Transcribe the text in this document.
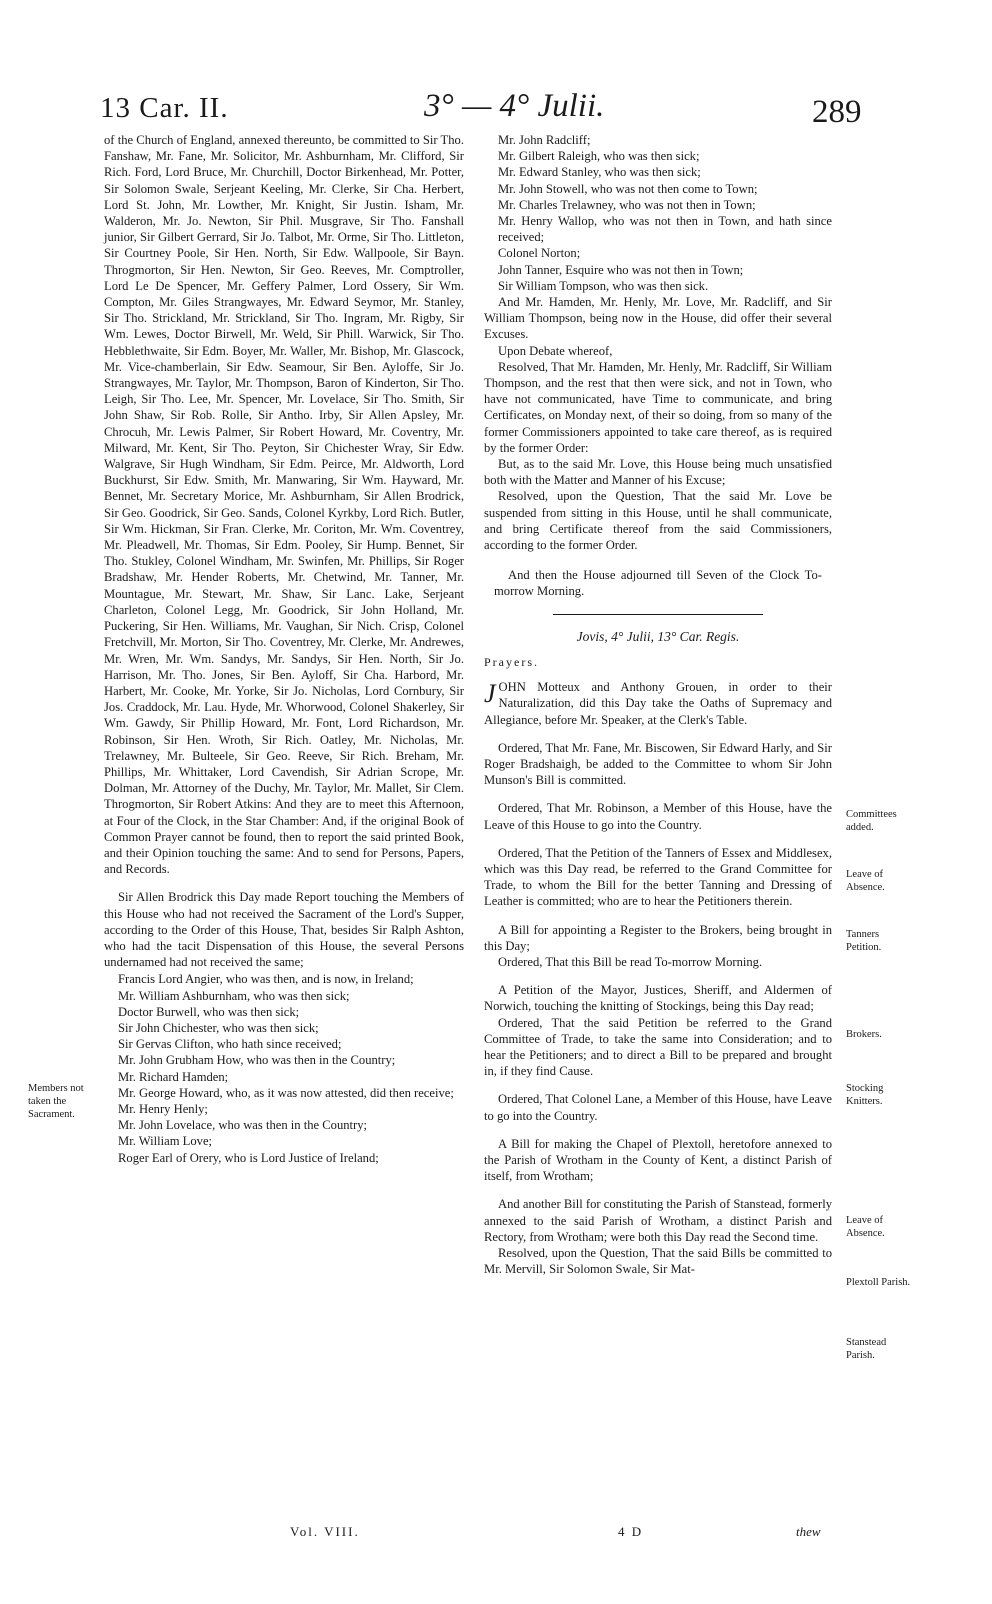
13 Car. II.	3° — 4° Julii.	289

of the Church of England, annexed thereunto, be committed to Sir Tho. Fanshaw, Mr. Fane, Mr. Solicitor, Mr. Ashburnham, Mr. Clifford, Sir Rich. Ford, Lord Bruce, Mr. Churchill, Doctor Birkenhead, Mr. Potter, Sir Solomon Swale, Serjeant Keeling, Mr. Clerke, Sir Cha. Herbert, Lord St. John, Mr. Lowther, Mr. Knight, Sir Justin. Isham, Mr. Walderon, Mr. Jo. Newton, Sir Phil. Musgrave, Sir Tho. Fanshall junior, Sir Gilbert Gerrard, Sir Jo. Talbot, Mr. Orme, Sir Tho. Littleton, Sir Courtney Poole, Sir Hen. North, Sir Edw. Wallpoole, Sir Bayn. Throgmorton, Sir Hen. Newton, Sir Geo. Reeves, Mr. Comptroller, Lord Le De Spencer, Mr. Geffery Palmer, Lord Ossery, Sir Wm. Compton, Mr. Giles Strangwayes, Mr. Edward Seymor, Mr. Stanley, Sir Tho. Strickland, Mr. Strickland, Sir Tho. Ingram, Mr. Rigby, Sir Wm. Lewes, Doctor Birwell, Mr. Weld, Sir Phill. Warwick, Sir Tho. Hebblethwaite, Sir Edm. Boyer, Mr. Waller, Mr. Bishop, Mr. Glascock, Mr. Vice-chamberlain, Sir Edw. Seamour, Sir Ben. Ayloffe, Sir Jo. Strangwayes, Mr. Taylor, Mr. Thompson, Baron of Kinderton, Sir Tho. Leigh, Sir Tho. Lee, Mr. Spencer, Mr. Lovelace, Sir Tho. Smith, Sir John Shaw, Sir Rob. Rolle, Sir Antho. Irby, Sir Allen Apsley, Mr. Chrocuh, Mr. Lewis Palmer, Sir Robert Howard, Mr. Coventry, Mr. Milward, Mr. Kent, Sir Tho. Peyton, Sir Chichester Wray, Sir Edw. Walgrave, Sir Hugh Windham, Sir Edm. Peirce, Mr. Aldworth, Lord Buckhurst, Sir Edw. Smith, Mr. Manwaring, Sir Wm. Hayward, Mr. Bennet, Mr. Secretary Morice, Mr. Ashburnham, Sir Allen Brodrick, Sir Geo. Goodrick, Sir Geo. Sands, Colonel Kyrkby, Lord Rich. Butler, Sir Wm. Hickman, Sir Fran. Clerke, Mr. Coriton, Mr. Wm. Coventrey, Mr. Pleadwell, Mr. Thomas, Sir Edm. Pooley, Sir Hump. Bennet, Sir Tho. Stukley, Colonel Windham, Mr. Swinfen, Mr. Phillips, Sir Roger Bradshaw, Mr. Hender Roberts, Mr. Chetwind, Mr. Tanner, Mr. Mountague, Mr. Stewart, Mr. Shaw, Sir Lanc. Lake, Serjeant Charleton, Colonel Legg, Mr. Goodrick, Sir John Holland, Mr. Puckering, Sir Hen. Williams, Mr. Vaughan, Sir Nich. Crisp, Colonel Fretchvill, Mr. Morton, Sir Tho. Coventrey, Mr. Clerke, Mr. Andrewes, Mr. Wren, Mr. Wm. Sandys, Mr. Sandys, Sir Hen. North, Sir Jo. Harrison, Mr. Tho. Jones, Sir Ben. Ayloff, Sir Cha. Harbord, Mr. Harbert, Mr. Cooke, Mr. Yorke, Sir Jo. Nicholas, Lord Cornbury, Sir Jos. Craddock, Mr. Lau. Hyde, Mr. Whorwood, Colonel Shakerley, Sir Wm. Gawdy, Sir Phillip Howard, Mr. Font, Lord Richardson, Mr. Robinson, Sir Hen. Wroth, Sir Rich. Oatley, Mr. Nicholas, Mr. Trelawney, Mr. Bulteele, Sir Geo. Reeve, Sir Rich. Breham, Mr. Phillips, Mr. Whittaker, Lord Cavendish, Sir Adrian Scrope, Mr. Dolman, Mr. Attorney of the Duchy, Mr. Taylor, Mr. Mallet, Sir Clem. Throgmorton, Sir Robert Atkins: And they are to meet this Afternoon, at Four of the Clock, in the Star Chamber: And, if the original Book of Common Prayer cannot be found, then to report the said printed Book, and their Opinion touching the same: And to send for Persons, Papers, and Records.

Sir Allen Brodrick this Day made Report touching the Members of this House who had not received the Sacrament of the Lord's Supper, according to the Order of this House, That, besides Sir Ralph Ashton, who had the tacit Dispensation of this House, the several Persons undernamed had not received the same;

Francis Lord Angier, who was then, and is now, in Ireland;

Mr. William Ashburnham, who was then sick;

Doctor Burwell, who was then sick;

Sir John Chichester, who was then sick;

Sir Gervas Clifton, who hath since received;

Mr. John Grubham How, who was then in the Country;

Mr. Richard Hamden;

Mr. George Howard, who, as it was now attested, did then receive;

Mr. Henry Henly;

Mr. John Lovelace, who was then in the Country;

Mr. William Love;

Roger Earl of Orery, who is Lord Justice of Ireland;

Members not taken the Sacrament.

Mr. John Radcliff;

Mr. Gilbert Raleigh, who was then sick;

Mr. Edward Stanley, who was then sick;

Mr. John Stowell, who was not then come to Town;

Mr. Charles Trelawney, who was not then in Town;

Mr. Henry Wallop, who was not then in Town, and hath since received;

Colonel Norton;

John Tanner, Esquire who was not then in Town;

Sir William Tompson, who was then sick.

And Mr. Hamden, Mr. Henly, Mr. Love, Mr. Radcliff, and Sir William Thompson, being now in the House, did offer their several Excuses.

Upon Debate whereof,

Resolved, That Mr. Hamden, Mr. Henly, Mr. Radcliff, Sir William Thompson, and the rest that then were sick, and not in Town, who have not communicated, have Time to communicate, and bring Certificates, on Monday next, of their so doing, from so many of the former Commissioners appointed to take care thereof, as is required by the former Order:

But, as to the said Mr. Love, this House being much unsatisfied both with the Matter and Manner of his Excuse;

Resolved, upon the Question, That the said Mr. Love be suspended from sitting in this House, until he shall communicate, and bring Certificate thereof from the said Commissioners, according to the former Order.

And then the House adjourned till Seven of the Clock To-morrow Morning.

Jovis, 4° Julii, 13° Car. Regis.

Prayers.

JOHN Motteux and Anthony Grouen, in order to their Naturalization, did this Day take the Oaths of Supremacy and Allegiance, before Mr. Speaker, at the Clerk's Table.

Ordered, That Mr. Fane, Mr. Biscowen, Sir Edward Harly, and Sir Roger Bradshaigh, be added to the Committee to whom Sir John Munson's Bill is committed.

Ordered, That Mr. Robinson, a Member of this House, have the Leave of this House to go into the Country.

Ordered, That the Petition of the Tanners of Essex and Middlesex, which was this Day read, be referred to the Grand Committee for Trade, to whom the Bill for the better Tanning and Dressing of Leather is committed; who are to hear the Petitioners therein.

A Bill for appointing a Register to the Brokers, being brought in this Day;

Ordered, That this Bill be read To-morrow Morning.

A Petition of the Mayor, Justices, Sheriff, and Aldermen of Norwich, touching the knitting of Stockings, being this Day read;

Ordered, That the said Petition be referred to the Grand Committee of Trade, to take the same into Consideration; and to hear the Petitioners; and to direct a Bill to be prepared and brought in, if they find Cause.

Ordered, That Colonel Lane, a Member of this House, have Leave to go into the Country.

A Bill for making the Chapel of Plextoll, heretofore annexed to the Parish of Wrotham in the County of Kent, a distinct Parish of itself, from Wrotham;

And another Bill for constituting the Parish of Stanstead, formerly annexed to the said Parish of Wrotham, a distinct Parish and Rectory, from Wrotham; were both this Day read the Second time.

Resolved, upon the Question, That the said Bills be committed to Mr. Mervill, Sir Solomon Swale, Sir Mat-

Committees added.
Leave of Absence.
Tanners Petition.
Brokers.
Stocking Knitters.
Leave of Absence.
Plextoll Parish.
Stanstead Parish.
Vol. VIII.	4 D	thew
